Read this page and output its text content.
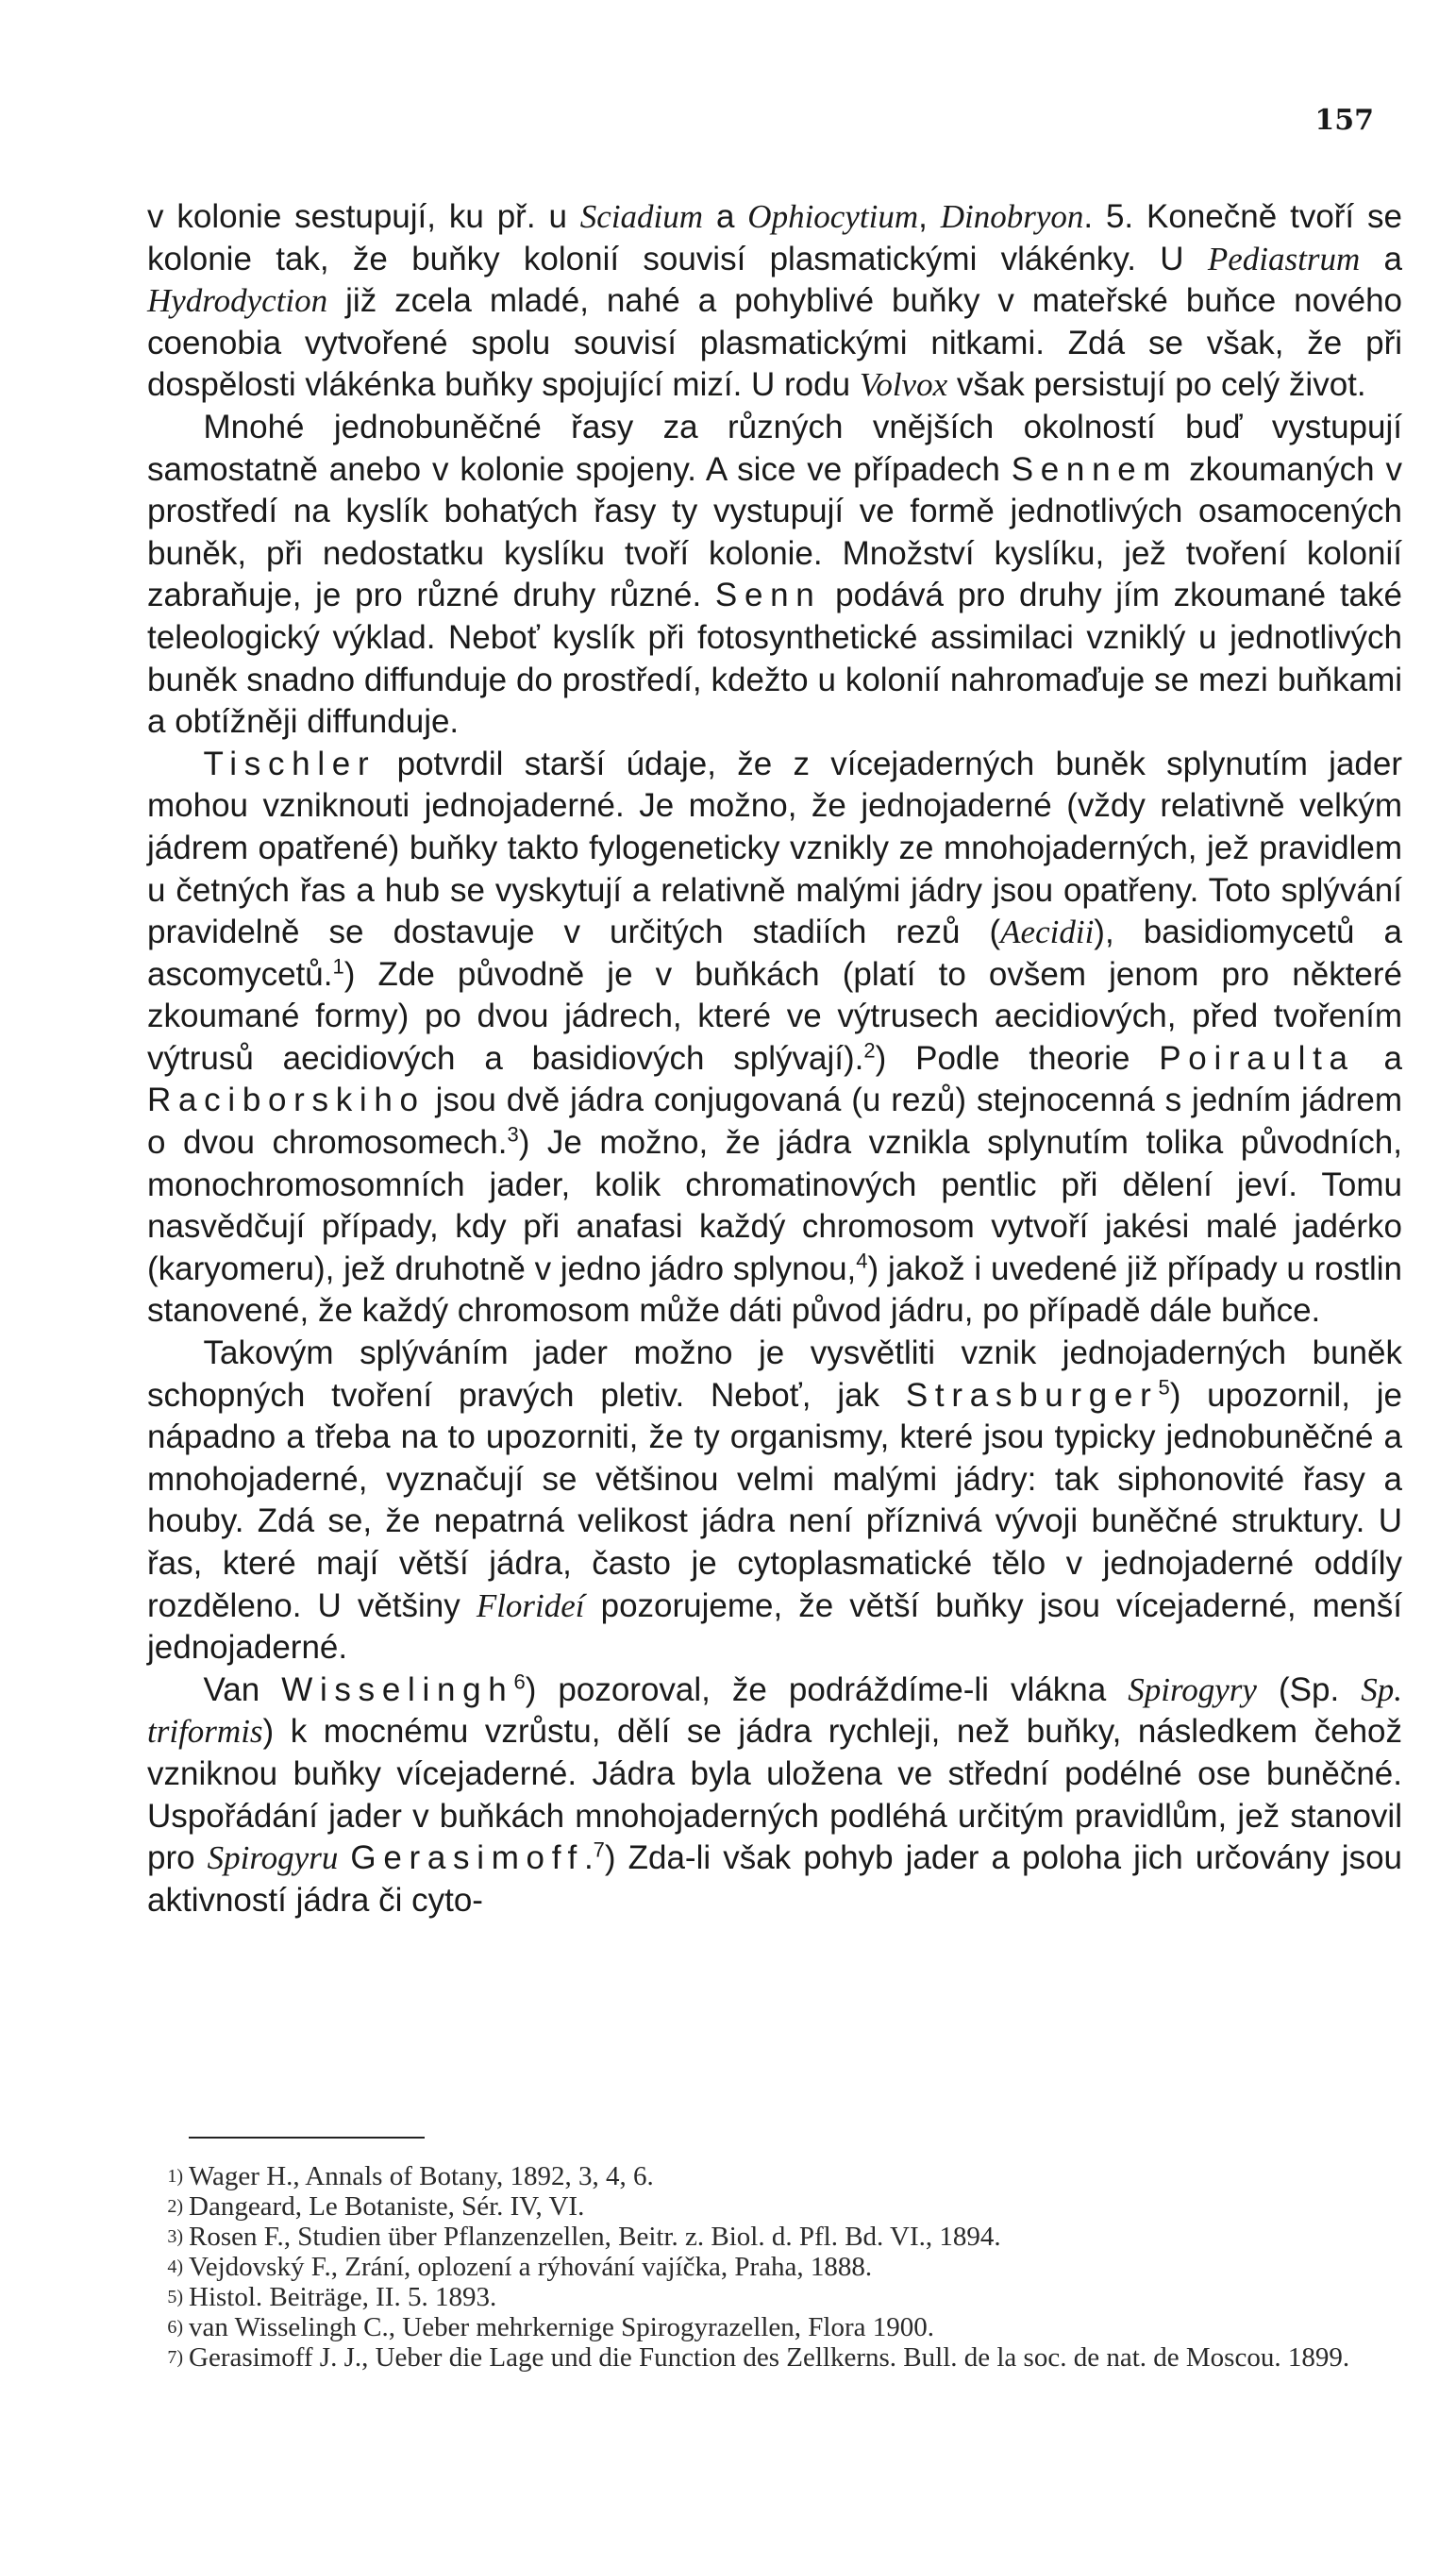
157

v kolonie sestupují, ku př. u Sciadium a Ophiocytium, Dinobryon. 5. Konečně tvoří se kolonie tak, že buňky kolonií souvisí plasmatickými vlákénky. U Pediastrum a Hydrodyction již zcela mladé, nahé a pohyblivé buňky v mateřské buňce nového coenobia vytvořené spolu souvisí plasmatickými nitkami. Zdá se však, že při dospělosti vlákénka buňky spojující mizí. U rodu Volvox však persistují po celý život.

Mnohé jednobuněčné řasy za různých vnějších okolností buď vystupují samostatně anebo v kolonie spojeny. A sice ve případech Sennem zkoumaných v prostředí na kyslík bohatých řasy ty vystupují ve formě jednotlivých osamocených buněk, při nedostatku kyslíku tvoří kolonie. Množství kyslíku, jež tvoření kolonií zabraňuje, je pro různé druhy různé. Senn podává pro druhy jím zkoumané také teleologický výklad. Neboť kyslík při fotosynthetické assimilaci vzniklý u jednotlivých buněk snadno diffunduje do prostředí, kdežto u kolonií nahromaďuje se mezi buňkami a obtížněji diffunduje.

Tischler potvrdil starší údaje, že z vícejaderných buněk splynutím jader mohou vzniknouti jednojaderné. Je možno, že jednojaderné (vždy relativně velkým jádrem opatřené) buňky takto fylogeneticky vznikly ze mnohojaderných, jež pravidlem u četných řas a hub se vyskytují a relativně malými jádry jsou opatřeny. Toto splývání pravidelně se dostavuje v určitých stadiích rezů (Aecidii), basidiomycetů a ascomycetů.$^1$) Zde původně je v buňkách (platí to ovšem jenom pro některé zkoumané formy) po dvou jádrech, které ve výtrusech aecidiových, před tvořením výtrusů aecidiových a basidiových splývají).$^2$) Podle theorie Poiraulta a Raciborskiho jsou dvě jádra conjugovaná (u rezů) stejnocenná s jedním jádrem o dvou chromosomech.$^3$) Je možno, že jádra vznikla splynutím tolika původních, monochromosomních jader, kolik chromatinových pentlic při dělení jeví. Tomu nasvědčují případy, kdy při anafasi každý chromosom vytvoří jakési malé jadérko (karyomeru), jež druhotně v jedno jádro splynou,$^4$) jakož i uvedené již případy u rostlin stanovené, že každý chromosom může dáti původ jádru, po případě dále buňce.

Takovým splýváním jader možno je vysvětliti vznik jednojaderných buněk schopných tvoření pravých pletiv. Neboť, jak Strasburger$^5$) upozornil, je nápadno a třeba na to upozorniti, že ty organismy, které jsou typicky jednobuněčné a mnohojaderné, vyznačují se většinou velmi malými jádry: tak siphonovité řasy a houby. Zdá se, že nepatrná velikost jádra není příznivá vývoji buněčné struktury. U řas, které mají větší jádra, často je cytoplasmatické tělo v jednojaderné oddíly rozděleno. U většiny Florideí pozorujeme, že větší buňky jsou vícejaderné, menší jednojaderné.

Van Wisselingh$^6$) pozoroval, že podráždíme-li vlákna Spirogyry (Sp. Sp. triformis) k mocnému vzrůstu, dělí se jádra rychleji, než buňky, následkem čehož vzniknou buňky vícejaderné. Jádra byla uložena ve střední podélné ose buněčné. Uspořádání jader v buňkách mnohojaderných podléhá určitým pravidlům, jež stanovil pro Spirogyru Gerasimoff.$^7$) Zda-li však pohyb jader a poloha jich určovány jsou aktivností jádra či cyto-

1) Wager H., Annals of Botany, 1892, 3, 4, 6.

2) Dangeard, Le Botaniste, Sér. IV, VI.

3) Rosen F., Studien über Pflanzenzellen, Beitr. z. Biol. d. Pfl. Bd. VI., 1894.

4) Vejdovský F., Zrání, oplození a rýhování vajíčka, Praha, 1888.

5) Histol. Beiträge, II. 5. 1893.

6) van Wisselingh C., Ueber mehrkernige Spirogyrazellen, Flora 1900.

7) Gerasimoff J. J., Ueber die Lage und die Function des Zellkerns. Bull. de la soc. de nat. de Moscou. 1899.
